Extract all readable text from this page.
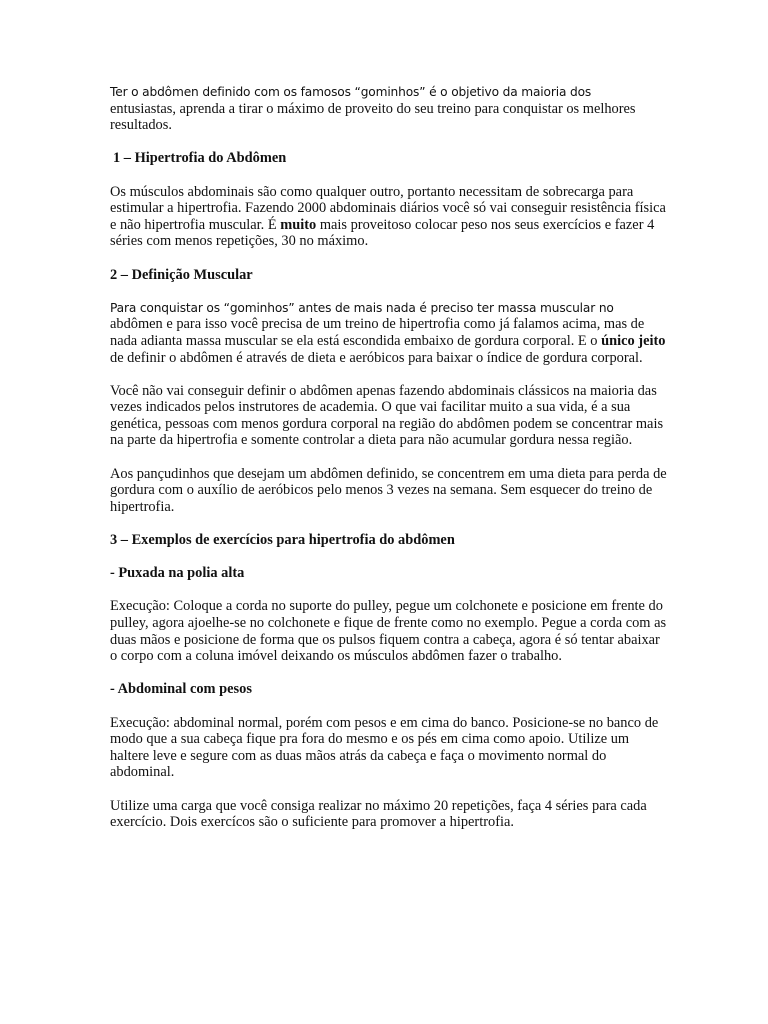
Ter o abdômen definido com os famosos “gominhos” é o objetivo da maioria dos
entusiastas, aprenda a tirar o máximo de proveito do seu treino para conquistar os melhores resultados.

1 – Hipertrofia do Abdômen

Os músculos abdominais são como qualquer outro, portanto necessitam de sobrecarga para estimular a hipertrofia. Fazendo 2000 abdominais diários você só vai conseguir resistência física e não hipertrofia muscular. É muito mais proveitoso colocar peso nos seus exercícios e fazer 4 séries com menos repetições, 30 no máximo.

2 – Definição Muscular

Para conquistar os “gominhos” antes de mais nada é preciso ter massa muscular no
abdômen e para isso você precisa de um treino de hipertrofia como já falamos acima, mas de nada adianta massa muscular se ela está escondida embaixo de gordura corporal. E o único jeito de definir o abdômen é através de dieta e aeróbicos para baixar o índice de gordura corporal.

Você não vai conseguir definir o abdômen apenas fazendo abdominais clássicos na maioria das vezes indicados pelos instrutores de academia. O que vai facilitar muito a sua vida, é a sua genética, pessoas com menos gordura corporal na região do abdômen podem se concentrar mais na parte da hipertrofia e somente controlar a dieta para não acumular gordura nessa região.

Aos pançudinhos que desejam um abdômen definido, se concentrem em uma dieta para perda de gordura com o auxílio de aeróbicos pelo menos 3 vezes na semana. Sem esquecer do treino de hipertrofia.

3 – Exemplos de exercícios para hipertrofia do abdômen

- Puxada na polia alta

Execução: Coloque a corda no suporte do pulley, pegue um colchonete e posicione em frente do pulley, agora ajoelhe-se no colchonete e fique de frente como no exemplo. Pegue a corda com as duas mãos e posicione de forma que os pulsos fiquem contra a cabeça, agora é só tentar abaixar o corpo com a coluna imóvel deixando os músculos abdômen fazer o trabalho.

- Abdominal com pesos

Execução: abdominal normal, porém com pesos e em cima do banco. Posicione-se no banco de modo que a sua cabeça fique pra fora do mesmo e os pés em cima como apoio. Utilize um haltere leve e segure com as duas mãos atrás da cabeça e faça o movimento normal do abdominal.

Utilize uma carga que você consiga realizar no máximo 20 repetições, faça 4 séries para cada exercício. Dois exercícos são o suficiente para promover a hipertrofia.
